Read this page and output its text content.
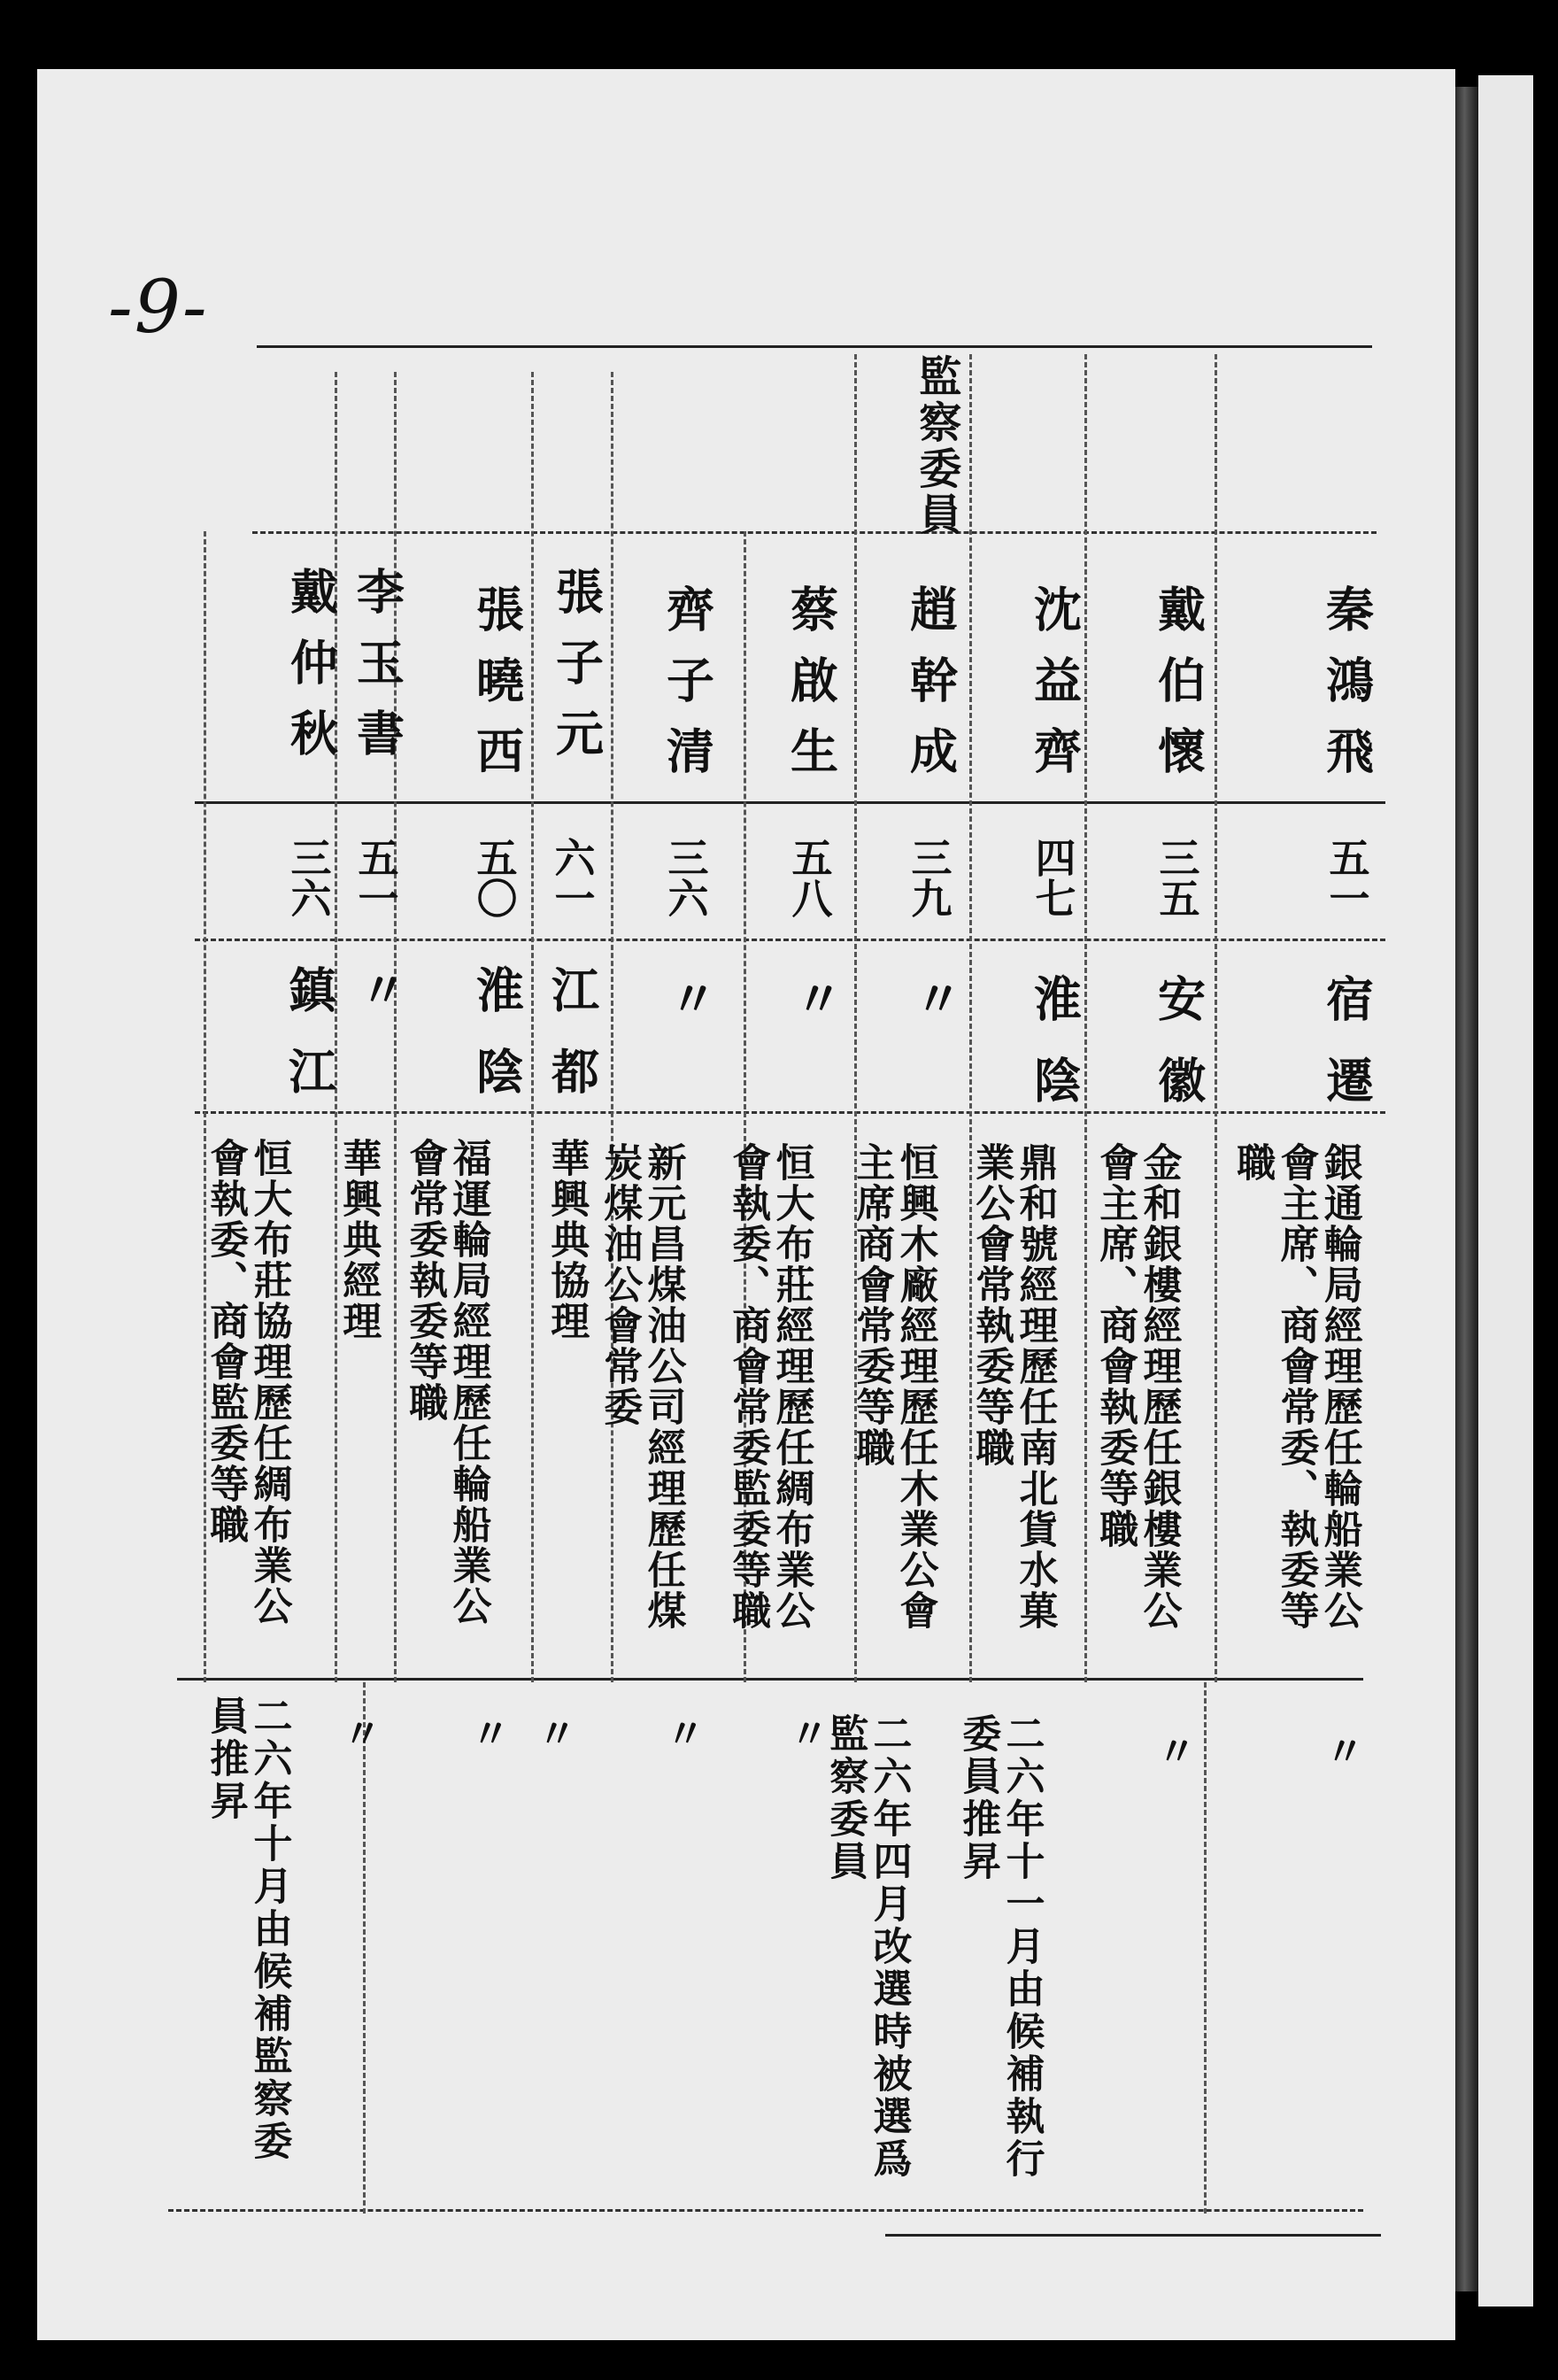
-9-
監察委員
秦鴻飛
五一
宿遷
銀通輪局經理歷任輪船業公
會主席、商會常委、執委等
職
〃
戴伯懷
三五
安徽
金和銀樓經理歷任銀樓業公
會主席、商會執委等職
〃
沈益齊
四七
淮陰
鼎和號經理歷任南北貨水菓
業公會常執委等職
二六年十一月由候補執行
委員推昇
趙幹成
三九
〃
恒興木廠經理歷任木業公會
主席商會常委等職
二六年四月改選時被選爲
監察委員
蔡啟生
五八
〃
恒大布莊經理歷任綢布業公
會執委、商會常委監委等職
〃
齊子清
三六
〃
新元昌煤油公司經理歷任煤
炭煤油公會常委
〃
張子元
六一
江都
華興典協理
〃
張曉西
五〇
淮陰
福運輪局經理歷任輪船業公
會常委執委等職
〃
李玉書
五一
〃
華興典經理
〃
戴仲秋
三六
鎮江
恒大布莊協理歷任綢布業公
會執委、商會監委等職
二六年十月由候補監察委
員推昇
